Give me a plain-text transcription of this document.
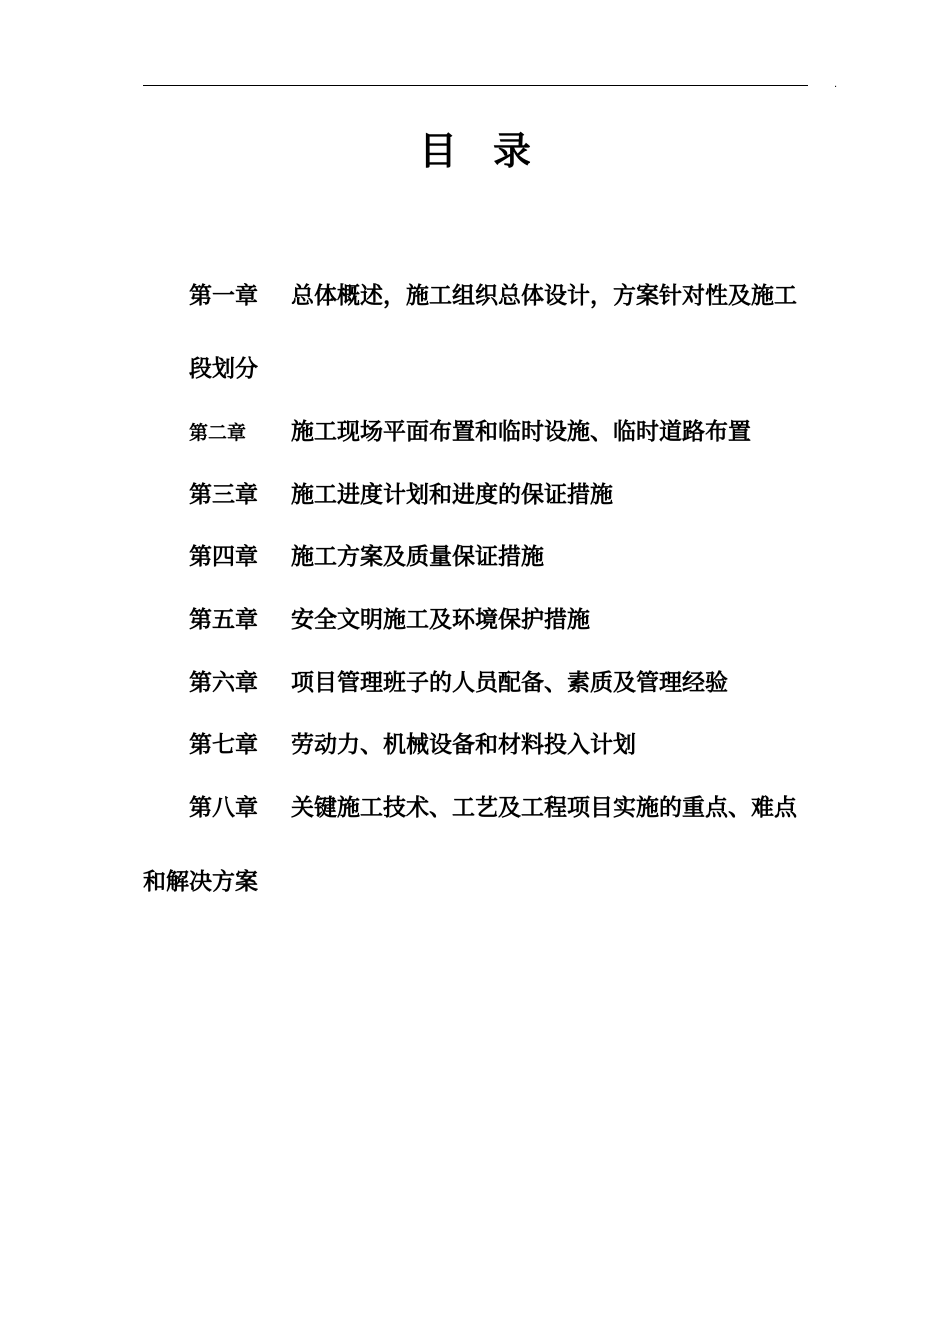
.
目 录
第一章 总体概述，施工组织总体设计，方案针对性及施工
段划分
第二章 施工现场平面布置和临时设施、临时道路布置
第三章 施工进度计划和进度的保证措施
第四章 施工方案及质量保证措施
第五章 安全文明施工及环境保护措施
第六章 项目管理班子的人员配备、素质及管理经验
第七章 劳动力、机械设备和材料投入计划
第八章 关键施工技术、工艺及工程项目实施的重点、难点
和解决方案
